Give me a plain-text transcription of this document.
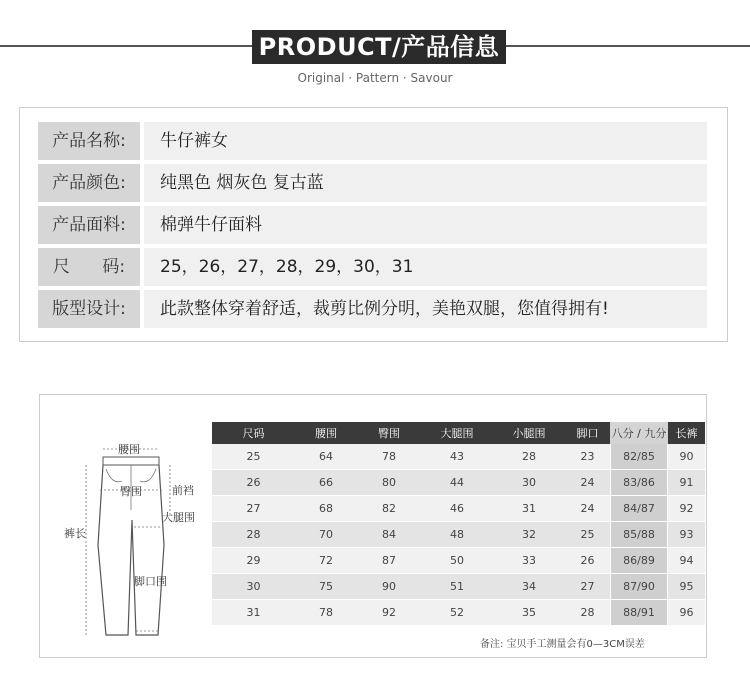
PRODUCT/产品信息
Original · Pattern · Savour
产品名称:	牛仔裤女
产品颜色:	纯黑色 烟灰色 复古蓝
产品面料:	棉弹牛仔面料
尺      码:	25，26，27，28，29，30，31
版型设计:	此款整体穿着舒适，裁剪比例分明，美艳双腿，您值得拥有!
腰围
臀围	前裆
大腿围
裤长
脚口围
尺码	腰围	臀围	大腿围	小腿围	脚口	八分 / 九分	长裤
25	64	78	43	28	23	82/85	90
26	66	80	44	30	24	83/86	91
27	68	82	46	31	24	84/87	92
28	70	84	48	32	25	85/88	93
29	72	87	50	33	26	86/89	94
30	75	90	51	34	27	87/90	95
31	78	92	52	35	28	88/91	96
备注: 宝贝手工测量会有0—3CM误差
